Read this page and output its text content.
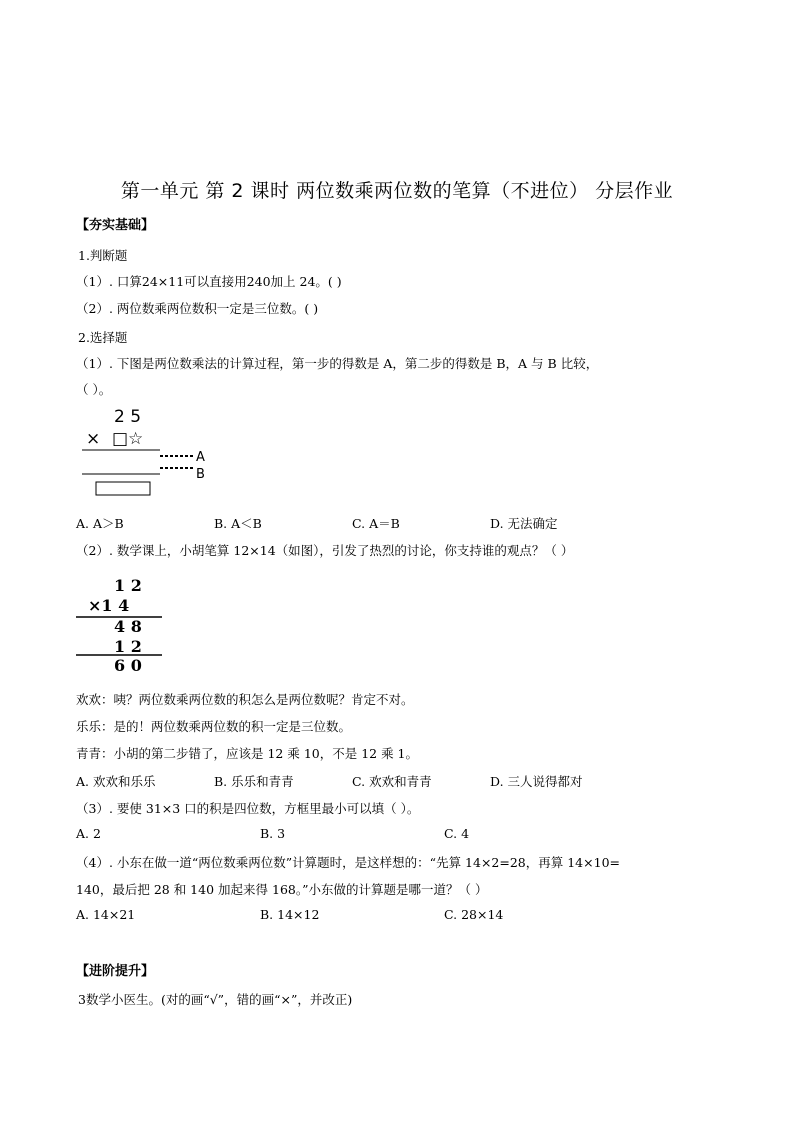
第一单元 第 2 课时 两位数乘两位数的笔算（不进位） 分层作业
【夯实基础】
1.判断题
（1）. 口算24×11可以直接用240加上 24。( )
（2）. 两位数乘两位数积一定是三位数。( )
2.选择题
（1）. 下图是两位数乘法的计算过程，第一步的得数是 A，第二步的得数是 B，A 与 B 比较，
（ ）。
2 5
× □☆
A
B
A. A＞B	B. A＜B	C. A＝B	D. 无法确定
（2）. 数学课上，小胡笔算 12×14（如图），引发了热烈的讨论，你支持谁的观点？（ ）
1 2
×1 4
4 8
1 2
6 0
欢欢：咦？两位数乘两位数的积怎么是两位数呢？肯定不对。
乐乐：是的！两位数乘两位数的积一定是三位数。
青青：小胡的第二步错了，应该是 12 乘 10，不是 12 乘 1。
A. 欢欢和乐乐	B. 乐乐和青青	C. 欢欢和青青	D. 三人说得都对
（3）. 要使 31×3 口的积是四位数，方框里最小可以填（ ）。
A. 2	B. 3	C. 4
（4）. 小东在做一道“两位数乘两位数”计算题时，是这样想的：“先算 14×2=28，再算 14×10=
140，最后把 28 和 140 加起来得 168。”小东做的计算题是哪一道？（ ）
A. 14×21	B. 14×12	C. 28×14
【进阶提升】
3数学小医生。(对的画“√”，错的画“×”，并改正)
